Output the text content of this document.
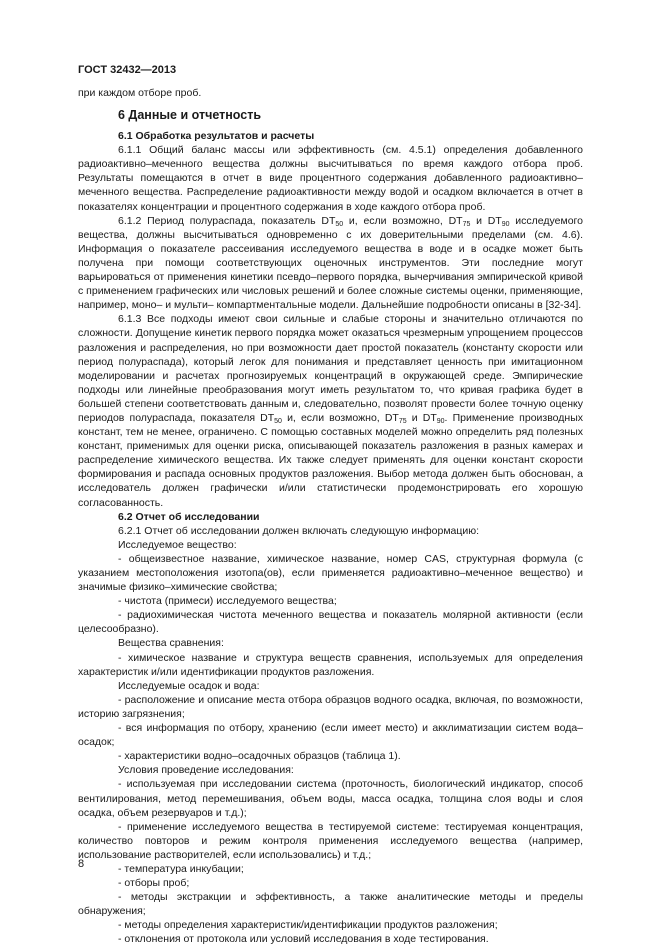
ГОСТ 32432—2013

при каждом отборе проб.

6 Данные и отчетность
6.1 Обработка результатов и расчеты

6.1.1 Общий баланс массы или эффективность (см. 4.5.1) определения добавленного радиоактивно–меченного вещества должны высчитываться по время каждого отбора проб. Результаты помещаются в отчет в виде процентного содержания добавленного радиоактивно–меченного вещества. Распределение радиоактивности между водой и осадком включается в отчет в показателях концентрации и процентного содержания в ходе каждого отбора проб.

6.1.2 Период полураспада, показатель $DT_{50}$ и, если возможно, $DT_{75}$ и $DT_{90}$ исследуемого вещества, должны высчитываться одновременно с их доверительными пределами (см. 4.6). Информация о показателе рассеивания исследуемого вещества в воде и в осадке может быть получена при помощи соответствующих оценочных инструментов. Эти последние могут варьироваться от применения кинетики псевдо–первого порядка, вычерчивания эмпирической кривой с применением графических или числовых решений и более сложные системы оценки, применяющие, например, моно– и мульти– компартментальные модели. Дальнейшие подробности описаны в [32-34].

6.1.3 Все подходы имеют свои сильные и слабые стороны и значительно отличаются по сложности. Допущение кинетик первого порядка может оказаться чрезмерным упрощением процессов разложения и распределения, но при возможности дает простой показатель (константу скорости или период полураспада), который легок для понимания и представляет ценность при имитационном моделировании и расчетах прогнозируемых концентраций в окружающей среде. Эмпирические подходы или линейные преобразования могут иметь результатом то, что кривая графика будет в большей степени соответствовать данным и, следовательно, позволят провести более точную оценку периодов полураспада, показателя $DT_{50}$ и, если возможно, $DT_{75}$ и $DT_{90}$. Применение производных констант, тем не менее, ограничено. С помощью составных моделей можно определить ряд полезных констант, применимых для оценки риска, описывающей показатель разложения в разных камерах и распределение химического вещества. Их также следует применять для оценки констант скорости формирования и распада основных продуктов разложения. Выбор метода должен быть обоснован, а исследователь должен графически и/или статистически продемонстрировать его хорошую согласованность.

6.2 Отчет об исследовании

6.2.1 Отчет об исследовании должен включать следующую информацию:

Исследуемое вещество:

- общеизвестное название, химическое название, номер CAS, структурная формула (с указанием местоположения изотопа(ов), если применяется радиоактивно–меченное вещество) и значимые физико–химические свойства;

- чистота (примеси) исследуемого вещества;

- радиохимическая чистота меченного вещества и показатель молярной активности (если целесообразно).

Вещества сравнения:

- химическое название и структура веществ сравнения, используемых для определения характеристик и/или идентификации продуктов разложения.

Исследуемые осадок и вода:

- расположение и описание места отбора образцов водного осадка, включая, по возможности, историю загрязнения;

- вся информация по отбору, хранению (если имеет место) и акклиматизации систем вода–осадок;

- характеристики водно–осадочных образцов (таблица 1).

Условия проведение исследования:

- используемая при исследовании система (проточность, биологический индикатор, способ вентилирования, метод перемешивания, объем воды, масса осадка, толщина слоя воды и слоя осадка, объем резервуаров и т.д.);

- применение исследуемого вещества в тестируемой системе: тестируемая концентрация, количество повторов и режим контроля применения исследуемого вещества (например, использование растворителей, если использовались) и т.д.;

- температура инкубации;

- отборы проб;

- методы экстракции и эффективность, а также аналитические методы и пределы обнаружения;

- методы определения характеристик/идентификации продуктов разложения;

- отклонения от протокола или условий исследования в ходе тестирования.

8
